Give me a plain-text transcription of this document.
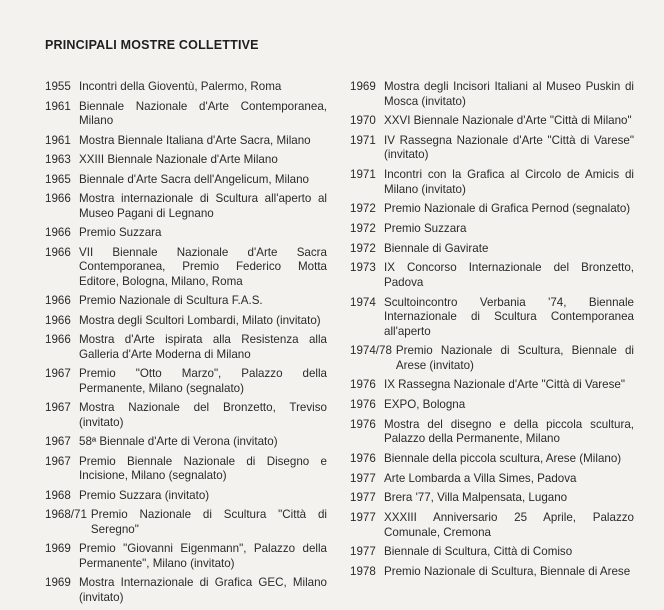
PRINCIPALI MOSTRE COLLETTIVE
1955 Incontri della Gioventù, Palermo, Roma
1961 Biennale Nazionale d'Arte Contemporanea, Milano
1961 Mostra Biennale Italiana d'Arte Sacra, Milano
1963 XXIII Biennale Nazionale d'Arte Milano
1965 Biennale d'Arte Sacra dell'Angelicum, Milano
1966 Mostra internazionale di Scultura all'aperto al Museo Pagani di Legnano
1966 Premio Suzzara
1966 VII Biennale Nazionale d'Arte Sacra Contemporanea, Premio Federico Motta Editore, Bologna, Milano, Roma
1966 Premio Nazionale di Scultura F.A.S.
1966 Mostra degli Scultori Lombardi, Milato (invitato)
1966 Mostra d'Arte ispirata alla Resistenza alla Galleria d'Arte Moderna di Milano
1967 Premio "Otto Marzo", Palazzo della Permanente, Milano (segnalato)
1967 Mostra Nazionale del Bronzetto, Treviso (invitato)
1967 58ª Biennale d'Arte di Verona (invitato)
1967 Premio Biennale Nazionale di Disegno e Incisione, Milano (segnalato)
1968 Premio Suzzara (invitato)
1968/71 Premio Nazionale di Scultura "Città di Seregno"
1969 Premio "Giovanni Eigenmann", Palazzo della Permanente", Milano (invitato)
1969 Mostra Internazionale di Grafica GEC, Milano (invitato)
1969 Mostra degli Incisori Italiani al Museo Puskin di Mosca (invitato)
1970 XXVI Biennale Nazionale d'Arte "Città di Milano"
1971 IV Rassegna Nazionale d'Arte "Città di Varese" (invitato)
1971 Incontri con la Grafica al Circolo de Amicis di Milano (invitato)
1972 Premio Nazionale di Grafica Pernod (segnalato)
1972 Premio Suzzara
1972 Biennale di Gavirate
1973 IX Concorso Internazionale del Bronzetto, Padova
1974 Scultoincontro Verbania '74, Biennale Internazionale di Scultura Contemporanea all'aperto
1974/78 Premio Nazionale di Scultura, Biennale di Arese (invitato)
1976 IX Rassegna Nazionale d'Arte "Città di Varese"
1976 EXPO, Bologna
1976 Mostra del disegno e della piccola scultura, Palazzo della Permanente, Milano
1976 Biennale della piccola scultura, Arese (Milano)
1977 Arte Lombarda a Villa Simes, Padova
1977 Brera '77, Villa Malpensata, Lugano
1977 XXXIII Anniversario 25 Aprile, Palazzo Comunale, Cremona
1977 Biennale di Scultura, Città di Comiso
1978 Premio Nazionale di Scultura, Biennale di Arese
